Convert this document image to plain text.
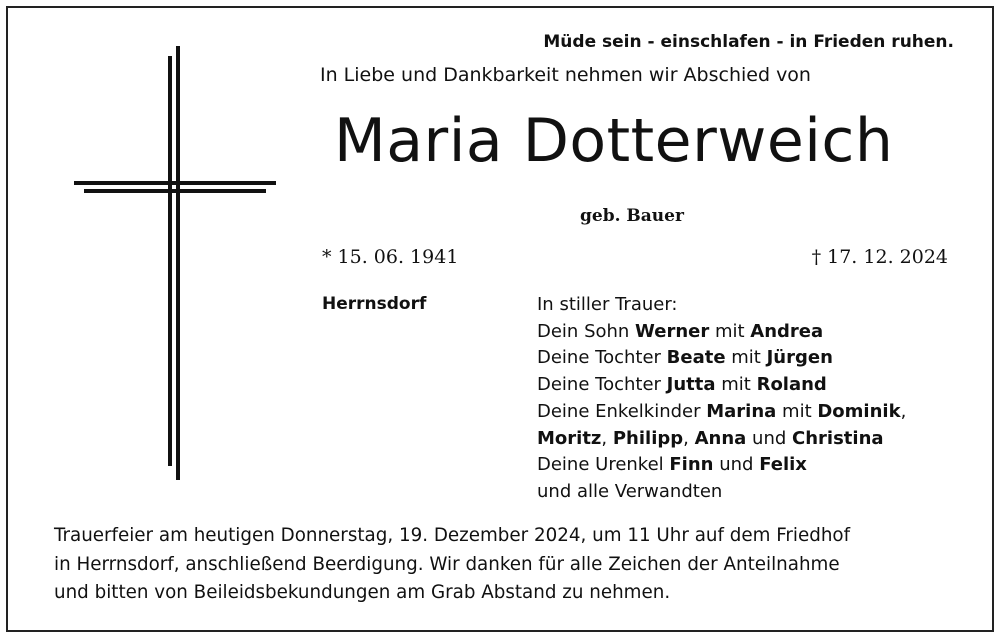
Müde sein - einschlafen - in Frieden ruhen.
In Liebe und Dankbarkeit nehmen wir Abschied von
Maria Dotterweich
geb. Bauer
* 15. 06. 1941	† 17. 12. 2024
Herrnsdorf	In stiller Trauer:
Dein Sohn Werner mit Andrea
Deine Tochter Beate mit Jürgen
Deine Tochter Jutta mit Roland
Deine Enkelkinder Marina mit Dominik,
Moritz, Philipp, Anna und Christina
Deine Urenkel Finn und Felix
und alle Verwandten
Trauerfeier am heutigen Donnerstag, 19. Dezember 2024, um 11 Uhr auf dem Friedhof
in Herrnsdorf, anschließend Beerdigung. Wir danken für alle Zeichen der Anteilnahme
und bitten von Beileidsbekundungen am Grab Abstand zu nehmen.
